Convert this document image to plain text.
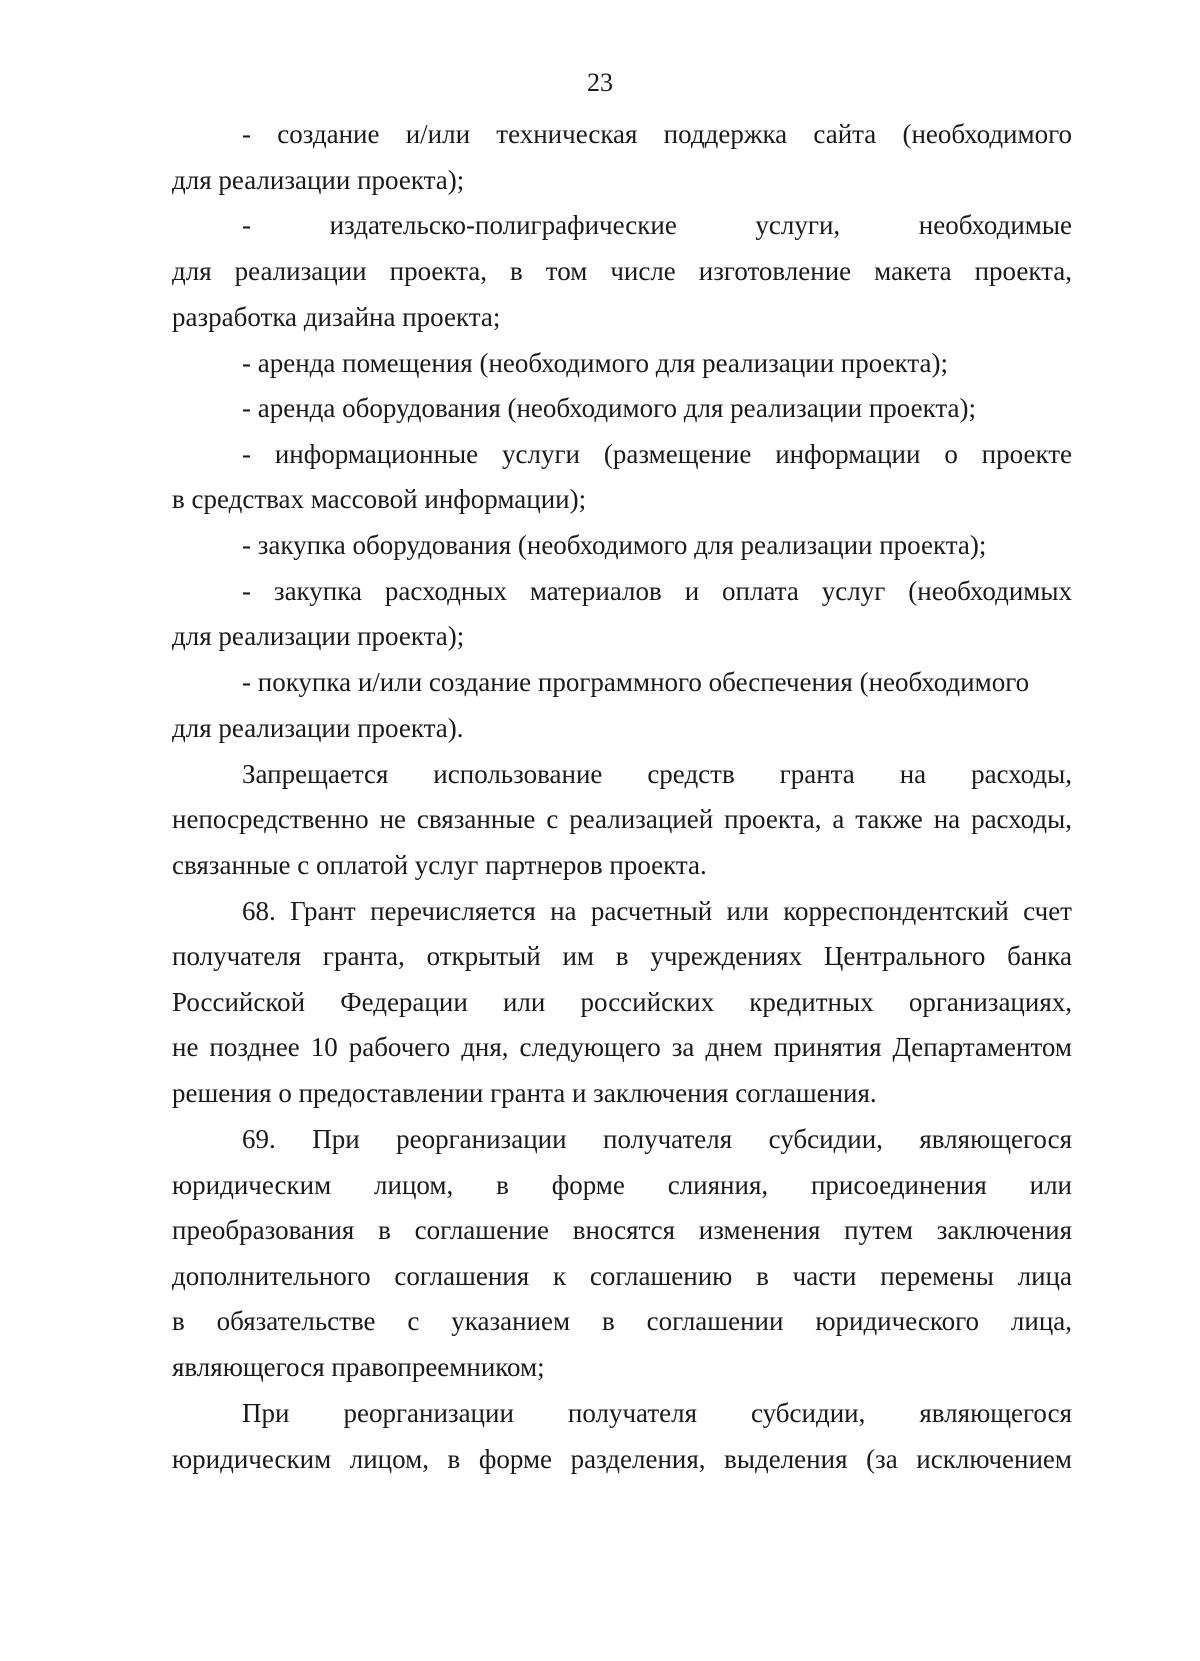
23
- создание и/или техническая поддержка сайта (необходимого
для реализации проекта);
- издательско-полиграфические услуги, необходимые
для реализации проекта, в том числе изготовление макета проекта,
разработка дизайна проекта;
- аренда помещения (необходимого для реализации проекта);
- аренда оборудования (необходимого для реализации проекта);
- информационные услуги (размещение информации о проекте
в средствах массовой информации);
- закупка оборудования (необходимого для реализации проекта);
- закупка расходных материалов и оплата услуг (необходимых
для реализации проекта);
- покупка и/или создание программного обеспечения (необходимого
для реализации проекта).
Запрещается использование средств гранта на расходы,
непосредственно не связанные с реализацией проекта, а также на расходы,
связанные с оплатой услуг партнеров проекта.
68. Грант перечисляется на расчетный или корреспондентский счет
получателя гранта, открытый им в учреждениях Центрального банка
Российской Федерации или российских кредитных организациях,
не позднее 10 рабочего дня, следующего за днем принятия Департаментом
решения о предоставлении гранта и заключения соглашения.
69. При реорганизации получателя субсидии, являющегося
юридическим лицом, в форме слияния, присоединения или
преобразования в соглашение вносятся изменения путем заключения
дополнительного соглашения к соглашению в части перемены лица
в обязательстве с указанием в соглашении юридического лица,
являющегося правопреемником;
При реорганизации получателя субсидии, являющегося
юридическим лицом, в форме разделения, выделения (за исключением
